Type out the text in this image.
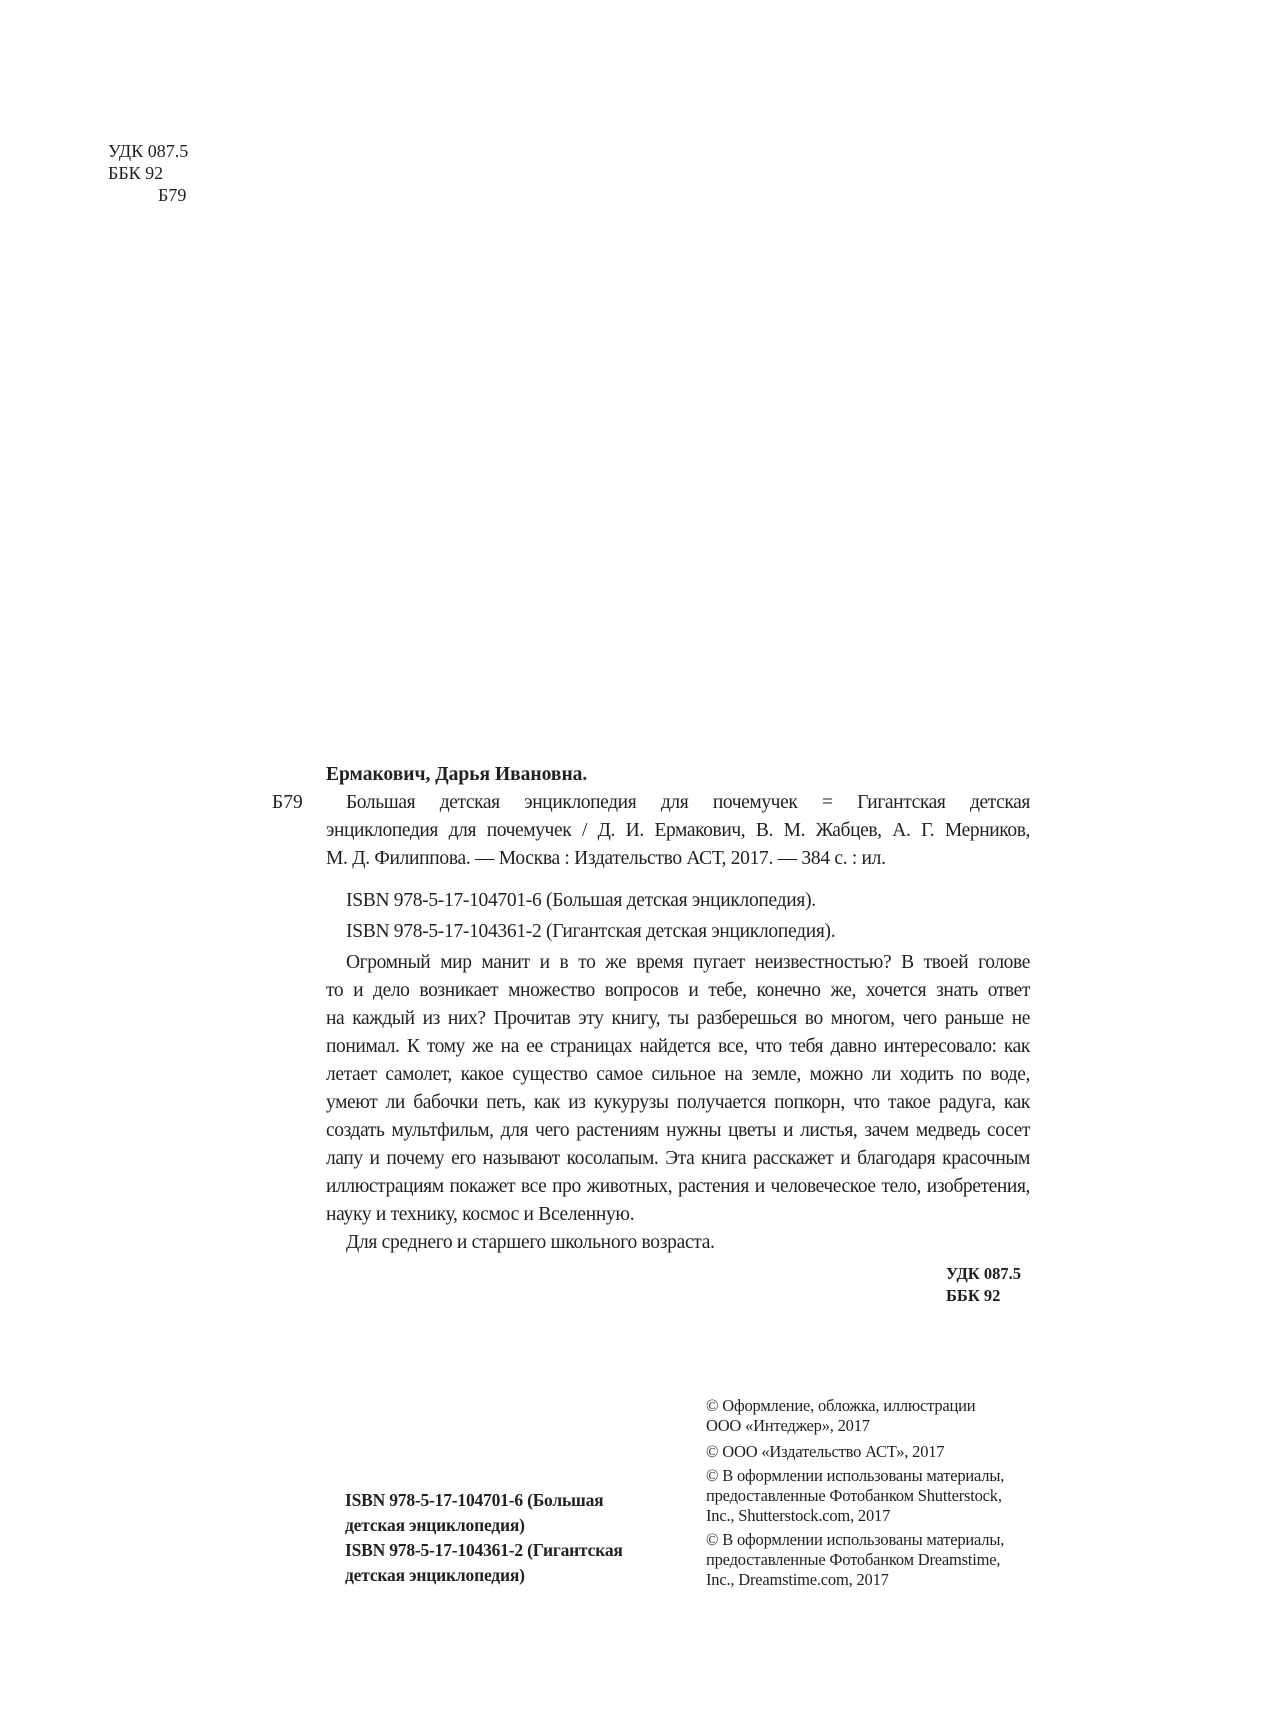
УДК 087.5
ББК 92
Б79
Ермакович, Дарья Ивановна.
Б79 Большая детская энциклопедия для почемучек = Гигантская детская
энциклопедия для почемучек / Д. И. Ермакович, В. М. Жабцев, А. Г. Мерников,
М. Д. Филиппова. — Москва : Издательство АСТ, 2017. — 384 с. : ил.
ISBN 978-5-17-104701-6 (Большая детская энциклопедия).
ISBN 978-5-17-104361-2 (Гигантская детская энциклопедия).
Огромный мир манит и в то же время пугает неизвестностью? В твоей голове
то и дело возникает множество вопросов и тебе, конечно же, хочется знать ответ
на каждый из них? Прочитав эту книгу, ты разберешься во многом, чего раньше не
понимал. К тому же на ее страницах найдется все, что тебя давно интересовало: как
летает самолет, какое существо самое сильное на земле, можно ли ходить по воде,
умеют ли бабочки петь, как из кукурузы получается попкорн, что такое радуга, как
создать мультфильм, для чего растениям нужны цветы и листья, зачем медведь сосет
лапу и почему его называют косолапым. Эта книга расскажет и благодаря красочным
иллюстрациям покажет все про животных, растения и человеческое тело, изобретения,
науку и технику, космос и Вселенную.
Для среднего и старшего школьного возраста.
УДК 087.5
ББК 92
ISBN 978-5-17-104701-6 (Большая
детская энциклопедия)
ISBN 978-5-17-104361-2 (Гигантская
детская энциклопедия)
© Оформление, обложка, иллюстрации
ООО «Интеджер», 2017
© ООО «Издательство АСТ», 2017
© В оформлении использованы материалы,
предоставленные Фотобанком Shutterstock,
Inc., Shutterstock.com, 2017
© В оформлении использованы материалы,
предоставленные Фотобанком Dreamstime,
Inc., Dreamstime.com, 2017
